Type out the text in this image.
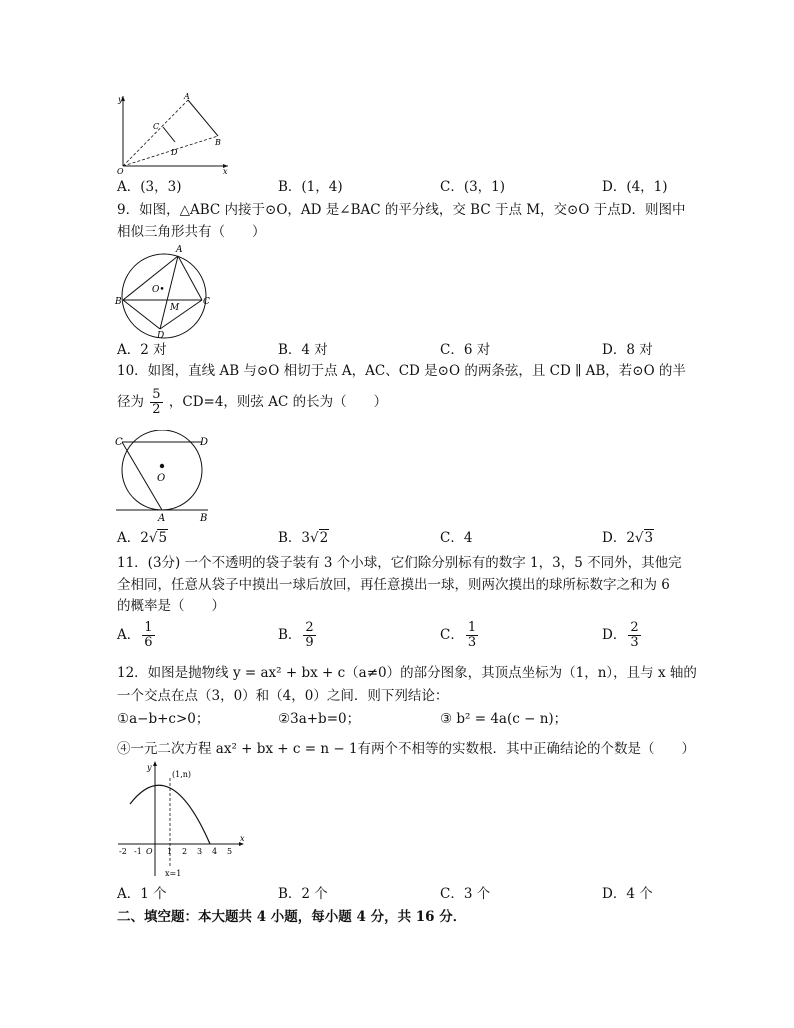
y
x
O
A
B
C
D
A．(3，3)	B．(1，4)	C．(3，1)	D．(4，1)
9．如图，△ABC 内接于⊙O，AD 是∠BAC 的平分线，交 BC 于点 M，交⊙O 于点D．则图中
相似三角形共有（　　）
A
B	C
D
O•
M
A．2 对	B．4 对	C．6 对	D．8 对
10．如图，直线 AB 与⊙O 相切于点 A，AC、CD 是⊙O 的两条弦，且 CD ∥ AB，若⊙O 的半
径为 $\frac{5}{2}$ ，CD=4，则弦 AC 的长为（　　）
C	D
O
A	B
A．2√5	B．3√2	C．4	D．2√3
11．(3分) 一个不透明的袋子装有 3 个小球，它们除分别标有的数字 1，3，5 不同外，其他完
全相同，任意从袋子中摸出一球后放回，再任意摸出一球，则两次摸出的球所标数字之和为 6
的概率是（　　）
A． $\frac{1}{6}$	B． $\frac{2}{9}$	C． $\frac{1}{3}$	D． $\frac{2}{3}$
12．如图是抛物线 y = ax² + bx + c（a≠0）的部分图象，其顶点坐标为（1，n），且与 x 轴的
一个交点在点（3，0）和（4，0）之间．则下列结论：
①a−b+c>0；	②3a+b=0；	③ b² = 4a(c − n)；
④一元二次方程 ax² + bx + c = n − 1有两个不相等的实数根．其中正确结论的个数是（　　）
y
x
(1,n)
x=1
-2 -1 O 1 2 3 4 5
A．1 个	B．2 个	C．3 个	D．4 个
二、填空题：本大题共 4 小题，每小题 4 分，共 16 分．
